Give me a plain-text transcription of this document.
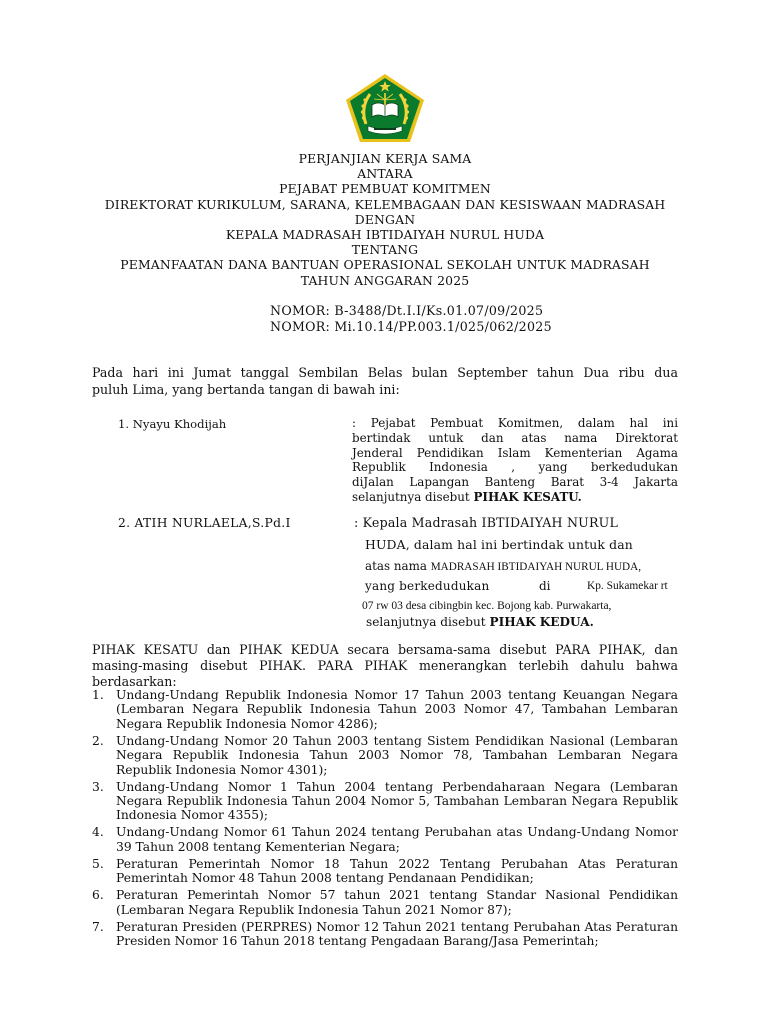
PERJANJIAN KERJA SAMA
ANTARA
PEJABAT PEMBUAT KOMITMEN
DIREKTORAT KURIKULUM, SARANA, KELEMBAGAAN DAN KESISWAAN MADRASAH
DENGAN
KEPALA MADRASAH IBTIDAIYAH NURUL HUDA
TENTANG
PEMANFAATAN DANA BANTUAN OPERASIONAL SEKOLAH UNTUK MADRASAH
TAHUN ANGGARAN 2025
NOMOR: B-3488/Dt.I.I/Ks.01.07/09/2025
NOMOR: Mi.10.14/PP.003.1/025/062/2025
Pada hari ini Jumat tanggal Sembilan Belas bulan September tahun Dua ribu dua
puluh Lima, yang bertanda tangan di bawah ini:
1. Nyayu Khodijah	: Pejabat Pembuat Komitmen, dalam hal ini
bertindak untuk dan atas nama Direktorat
Jenderal Pendidikan Islam Kementerian Agama
Republik Indonesia , yang berkedudukan
diJalan Lapangan Banteng Barat 3-4 Jakarta
selanjutnya disebut PIHAK KESATU.
2. ATIH NURLAELA,S.Pd.I	: Kepala Madrasah IBTIDAIYAH NURUL
HUDA, dalam hal ini bertindak untuk dan
atas nama MADRASAH IBTIDAIYAH NURUL HUDA,
yang berkedudukan	di	Kp. Sukamekar rt
07 rw 03 desa cibingbin kec. Bojong kab. Purwakarta,
selanjutnya disebut PIHAK KEDUA.
PIHAK KESATU dan PIHAK KEDUA secara bersama-sama disebut PARA PIHAK, dan
masing-masing disebut PIHAK. PARA PIHAK menerangkan terlebih dahulu bahwa
berdasarkan:
1. Undang-Undang Republik Indonesia Nomor 17 Tahun 2003 tentang Keuangan Negara (Lembaran Negara Republik Indonesia Tahun 2003 Nomor 47, Tambahan Lembaran Negara Republik Indonesia Nomor 4286);
2. Undang-Undang Nomor 20 Tahun 2003 tentang Sistem Pendidikan Nasional (Lembaran Negara Republik Indonesia Tahun 2003 Nomor 78, Tambahan Lembaran Negara Republik Indonesia Nomor 4301);
3. Undang-Undang Nomor 1 Tahun 2004 tentang Perbendaharaan Negara (Lembaran Negara Republik Indonesia Tahun 2004 Nomor 5, Tambahan Lembaran Negara Republik Indonesia Nomor 4355);
4. Undang-Undang Nomor 61 Tahun 2024 tentang Perubahan atas Undang-Undang Nomor 39 Tahun 2008 tentang Kementerian Negara;
5. Peraturan Pemerintah Nomor 18 Tahun 2022 Tentang Perubahan Atas Peraturan Pemerintah Nomor 48 Tahun 2008 tentang Pendanaan Pendidikan;
6. Peraturan Pemerintah Nomor 57 tahun 2021 tentang Standar Nasional Pendidikan (Lembaran Negara Republik Indonesia Tahun 2021 Nomor 87);
7. Peraturan Presiden (PERPRES) Nomor 12 Tahun 2021 tentang Perubahan Atas Peraturan Presiden Nomor 16 Tahun 2018 tentang Pengadaan Barang/Jasa Pemerintah;
